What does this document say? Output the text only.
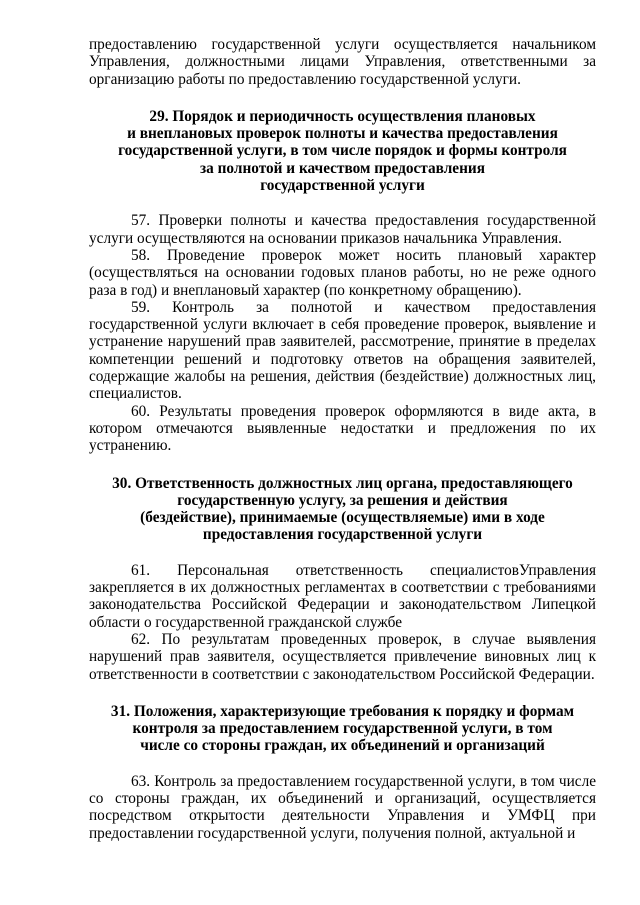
предоставлению государственной услуги осуществляется начальником Управления, должностными лицами Управления, ответственными за организацию работы по предоставлению государственной услуги.

29. Порядок и периодичность осуществления плановых
и внеплановых проверок полноты и качества предоставления
государственной услуги, в том числе порядок и формы контроля
за полнотой и качеством предоставления
государственной услуги

57. Проверки полноты и качества предоставления государственной услуги осуществляются на основании приказов начальника Управления.

58. Проведение проверок может носить плановый характер (осуществляться на основании годовых планов работы, но не реже одного раза в год) и внеплановый характер (по конкретному обращению).

59. Контроль за полнотой и качеством предоставления государственной услуги включает в себя проведение проверок, выявление и устранение нарушений прав заявителей, рассмотрение, принятие в пределах компетенции решений и подготовку ответов на обращения заявителей, содержащие жалобы на решения, действия (бездействие) должностных лиц, специалистов.

60. Результаты проведения проверок оформляются в виде акта, в котором отмечаются выявленные недостатки и предложения по их устранению.

30. Ответственность должностных лиц органа, предоставляющего
государственную услугу, за решения и действия
(бездействие), принимаемые (осуществляемые) ими в ходе
предоставления государственной услуги

61. Персональная ответственность специалистовУправления закрепляется в их должностных регламентах в соответствии с требованиями законодательства Российской Федерации и законодательством Липецкой области о государственной гражданской службе

62. По результатам проведенных проверок, в случае выявления нарушений прав заявителя, осуществляется привлечение виновных лиц к ответственности в соответствии с законодательством Российской Федерации.

31. Положения, характеризующие требования к порядку и формам
контроля за предоставлением государственной услуги, в том
числе со стороны граждан, их объединений и организаций

63. Контроль за предоставлением государственной услуги, в том числе со стороны граждан, их объединений и организаций, осуществляется посредством открытости деятельности Управления и УМФЦ при предоставлении государственной услуги, получения полной, актуальной и
